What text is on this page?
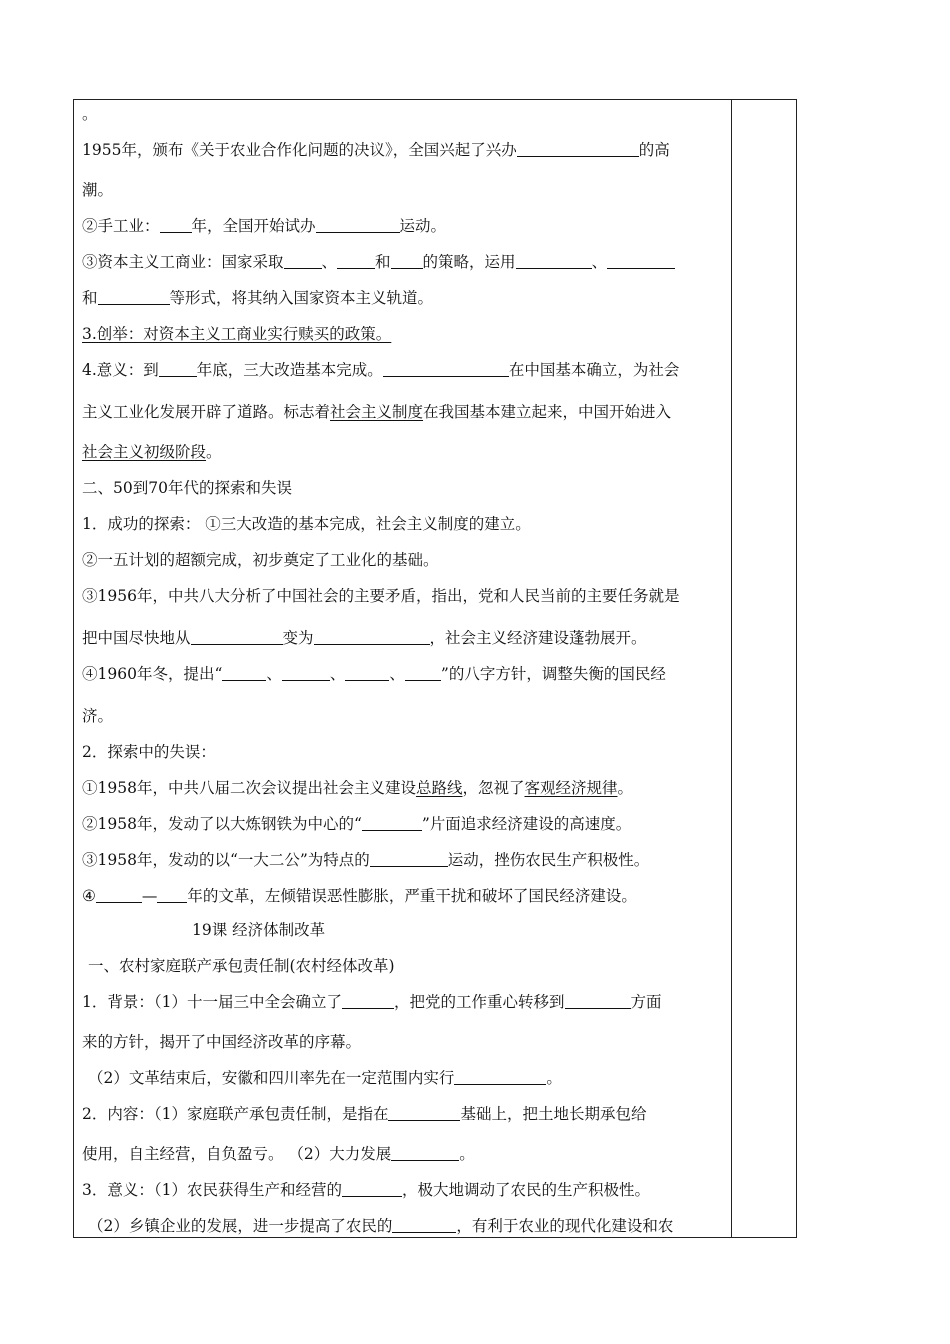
。
1955年，颁布《关于农业合作化问题的决议》，全国兴起了兴办	的高
潮。
②手工业： 年，全国开始试办	运动。
③资本主义工商业：国家采取 、 和 的策略，运用	、
和	等形式，将其纳入国家资本主义轨道。
3.创举：对资本主义工商业实行赎买的政策。
4.意义：到 年底，三大改造基本完成。	在中国基本确立，为社会
主义工业化发展开辟了道路。标志着社会主义制度在我国基本建立起来，中国开始进入
社会主义初级阶段。
二、50到70年代的探索和失误
1．成功的探索： ①三大改造的基本完成，社会主义制度的建立。
②一五计划的超额完成，初步奠定了工业化的基础。
③1956年，中共八大分析了中国社会的主要矛盾，指出，党和人民当前的主要任务就是
把中国尽快地从	变为	，社会主义经济建设蓬勃展开。
④1960年冬，提出“	、	、	、 ”的八字方针，调整失衡的国民经
济。
2．探索中的失误：
①1958年，中共八届二次会议提出社会主义建设总路线，忽视了客观经济规律。
②1958年，发动了以大炼钢铁为中心的“	”片面追求经济建设的高速度。
③1958年，发动的以“一大二公”为特点的	运动，挫伤农民生产积极性。
④	— 年的文革，左倾错误恶性膨胀，严重干扰和破坏了国民经济建设。
19课 经济体制改革
一、农村家庭联产承包责任制(农村经体改革)
1．背景：（1）十一届三中全会确立了	，把党的工作重心转移到	方面
来的方针，揭开了中国经济改革的序幕。
（2）文革结束后，安徽和四川率先在一定范围内实行	。
2．内容：（1）家庭联产承包责任制，是指在	基础上，把土地长期承包给
使用，自主经营，自负盈亏。 （2）大力发展	。
3．意义：（1）农民获得生产和经营的	，极大地调动了农民的生产积极性。
（2）乡镇企业的发展，进一步提高了农民的	，有利于农业的现代化建设和农
